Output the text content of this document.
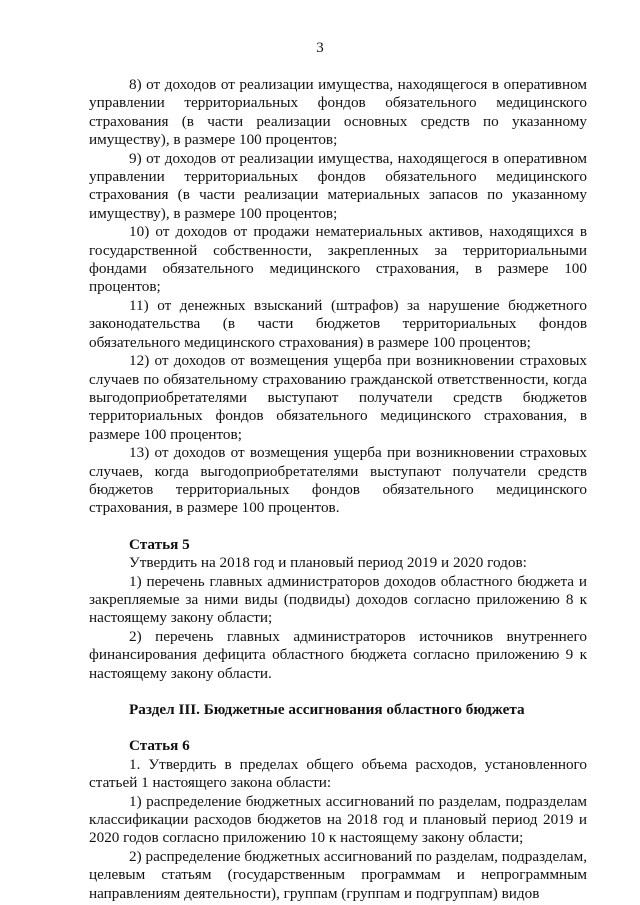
3

8) от доходов от реализации имущества, находящегося в оперативном управлении территориальных фондов обязательного медицинского страхования (в части реализации основных средств по указанному имуществу), в размере 100 процентов;

9) от доходов от реализации имущества, находящегося в оперативном управлении территориальных фондов обязательного медицинского страхования (в части реализации материальных запасов по указанному имуществу), в размере 100 процентов;

10) от доходов от продажи нематериальных активов, находящихся в государственной собственности, закрепленных за территориальными фондами обязательного медицинского страхования, в размере 100 процентов;

11) от денежных взысканий (штрафов) за нарушение бюджетного законодательства (в части бюджетов территориальных фондов обязательного медицинского страхования) в размере 100 процентов;

12) от доходов от возмещения ущерба при возникновении страховых случаев по обязательному страхованию гражданской ответственности, когда выгодоприобретателями выступают получатели средств бюджетов территориальных фондов обязательного медицинского страхования, в размере 100 процентов;

13) от доходов от возмещения ущерба при возникновении страховых случаев, когда выгодоприобретателями выступают получатели средств бюджетов территориальных фондов обязательного медицинского страхования, в размере 100 процентов.

Статья 5

Утвердить на 2018 год и плановый период 2019 и 2020 годов:

1) перечень главных администраторов доходов областного бюджета и закрепляемые за ними виды (подвиды) доходов согласно приложению 8 к настоящему закону области;

2) перечень главных администраторов источников внутреннего финансирования дефицита областного бюджета согласно приложению 9 к настоящему закону области.

Раздел III. Бюджетные ассигнования областного бюджета
Статья 6

1. Утвердить в пределах общего объема расходов, установленного статьей 1 настоящего закона области:

1) распределение бюджетных ассигнований по разделам, подразделам классификации расходов бюджетов на 2018 год и плановый период 2019 и 2020 годов согласно приложению 10 к настоящему закону области;

2) распределение бюджетных ассигнований по разделам, подразделам, целевым статьям (государственным программам и непрограммным направлениям деятельности), группам (группам и подгруппам) видов
